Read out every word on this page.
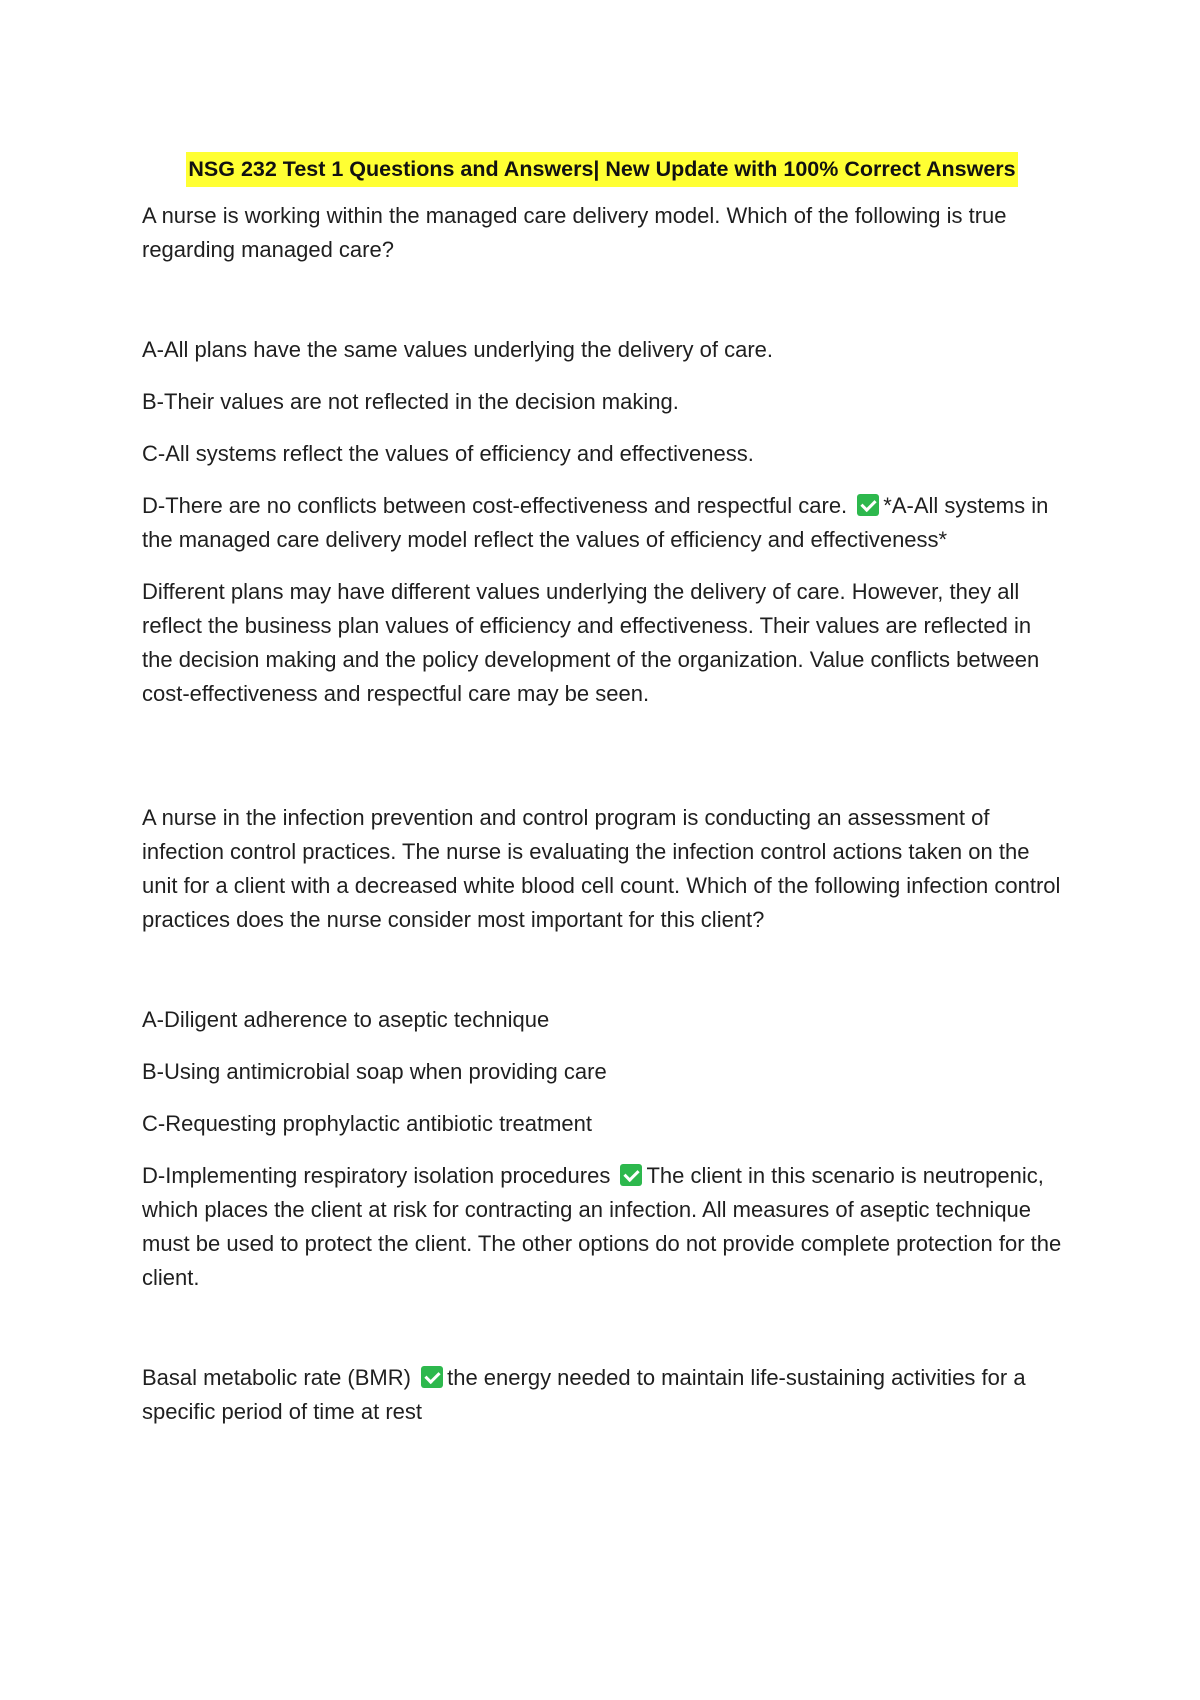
NSG 232 Test 1 Questions and Answers| New Update with 100% Correct Answers

A nurse is working within the managed care delivery model. Which of the following is true regarding managed care?

A-All plans have the same values underlying the delivery of care.

B-Their values are not reflected in the decision making.

C-All systems reflect the values of efficiency and effectiveness.

D-There are no conflicts between cost-effectiveness and respectful care. *A-All systems in the managed care delivery model reflect the values of efficiency and effectiveness*

Different plans may have different values underlying the delivery of care. However, they all reflect the business plan values of efficiency and effectiveness. Their values are reflected in the decision making and the policy development of the organization. Value conflicts between cost-effectiveness and respectful care may be seen.

A nurse in the infection prevention and control program is conducting an assessment of infection control practices. The nurse is evaluating the infection control actions taken on the unit for a client with a decreased white blood cell count. Which of the following infection control practices does the nurse consider most important for this client?

A-Diligent adherence to aseptic technique

B-Using antimicrobial soap when providing care

C-Requesting prophylactic antibiotic treatment

D-Implementing respiratory isolation procedures The client in this scenario is neutropenic, which places the client at risk for contracting an infection. All measures of aseptic technique must be used to protect the client. The other options do not provide complete protection for the client.

Basal metabolic rate (BMR) the energy needed to maintain life-sustaining activities for a specific period of time at rest
